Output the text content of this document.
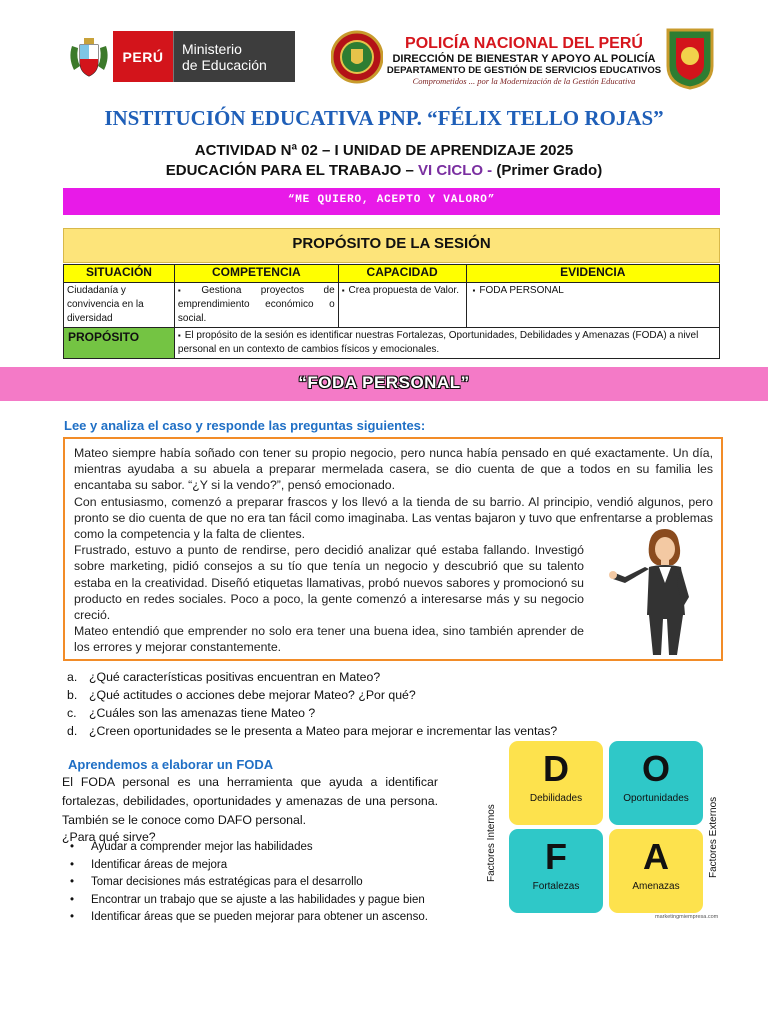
PERÚ	Ministerio
de Educación
POLICÍA NACIONAL DEL PERÚ
DIRECCIÓN DE BIENESTAR Y APOYO AL POLICÍA
DEPARTAMENTO DE GESTIÓN DE SERVICIOS EDUCATIVOS
Comprometidos ... por la Modernización de la Gestión Educativa
INSTITUCIÓN EDUCATIVA PNP. “FÉLIX TELLO ROJAS”
ACTIVIDAD Nª 02 – I UNIDAD DE APRENDIZAJE 2025
EDUCACIÓN PARA EL TRABAJO – VI CICLO - (Primer Grado)
“ME QUIERO, ACEPTO Y VALORO”
PROPÓSITO DE LA SESIÓN
SITUACIÓN	COMPETENCIA	CAPACIDAD	EVIDENCIA
Ciudadanía y convivencia en la diversidad	▪ Gestiona proyectos de emprendimiento económico o social.	▪ Crea propuesta de Valor.	▪FODA PERSONAL
PROPÓSITO	▪El propósito de la sesión es identificar nuestras Fortalezas, Oportunidades, Debilidades y Amenazas (FODA) a nivel personal en un contexto de cambios físicos y emocionales.
“FODA PERSONAL”
Lee y analiza el caso y responde las preguntas siguientes:

Mateo siempre había soñado con tener su propio negocio, pero nunca había pensado en qué exactamente. Un día, mientras ayudaba a su abuela a preparar mermelada casera, se dio cuenta de que a todos en su familia les encantaba su sabor. “¿Y si la vendo?”, pensó emocionado.

Con entusiasmo, comenzó a preparar frascos y los llevó a la tienda de su barrio. Al principio, vendió algunos, pero pronto se dio cuenta de que no era tan fácil como imaginaba. Las ventas bajaron y tuvo que enfrentarse a problemas como la competencia y la falta de clientes.

Frustrado, estuvo a punto de rendirse, pero decidió analizar qué estaba fallando. Investigó sobre marketing, pidió consejos a su tío que tenía un negocio y descubrió que su talento estaba en la creatividad. Diseñó etiquetas llamativas, probó nuevos sabores y promocionó su producto en redes sociales. Poco a poco, la gente comenzó a interesarse más y su negocio creció.

Mateo entendió que emprender no solo era tener una buena idea, sino también aprender de los errores y mejorar constantemente.

a. ¿Qué características positivas encuentran en Mateo?
b. ¿Qué actitudes o acciones debe mejorar Mateo? ¿Por qué?
c. ¿Cuáles son las amenazas tiene Mateo ?
d. ¿Creen oportunidades se le presenta a Mateo para mejorar e incrementar las ventas?
Aprendemos a elaborar un FODA
El FODA personal es una herramienta que ayuda a identificar fortalezas, debilidades, oportunidades y amenazas de una persona. También se le conoce como DAFO personal.
¿Para qué sirve?
• Ayudar a comprender mejor las habilidades
• Identificar áreas de mejora
• Tomar decisiones más estratégicas para el desarrollo
• Encontrar un trabajo que se ajuste a las habilidades y pague bien
• Identificar áreas que se pueden mejorar para obtener un ascenso.
Factores Internos	Factores Externos
D
Debilidades
O
Oportunidades
F
Fortalezas
A
Amenazas
marketingmiempresa.com
